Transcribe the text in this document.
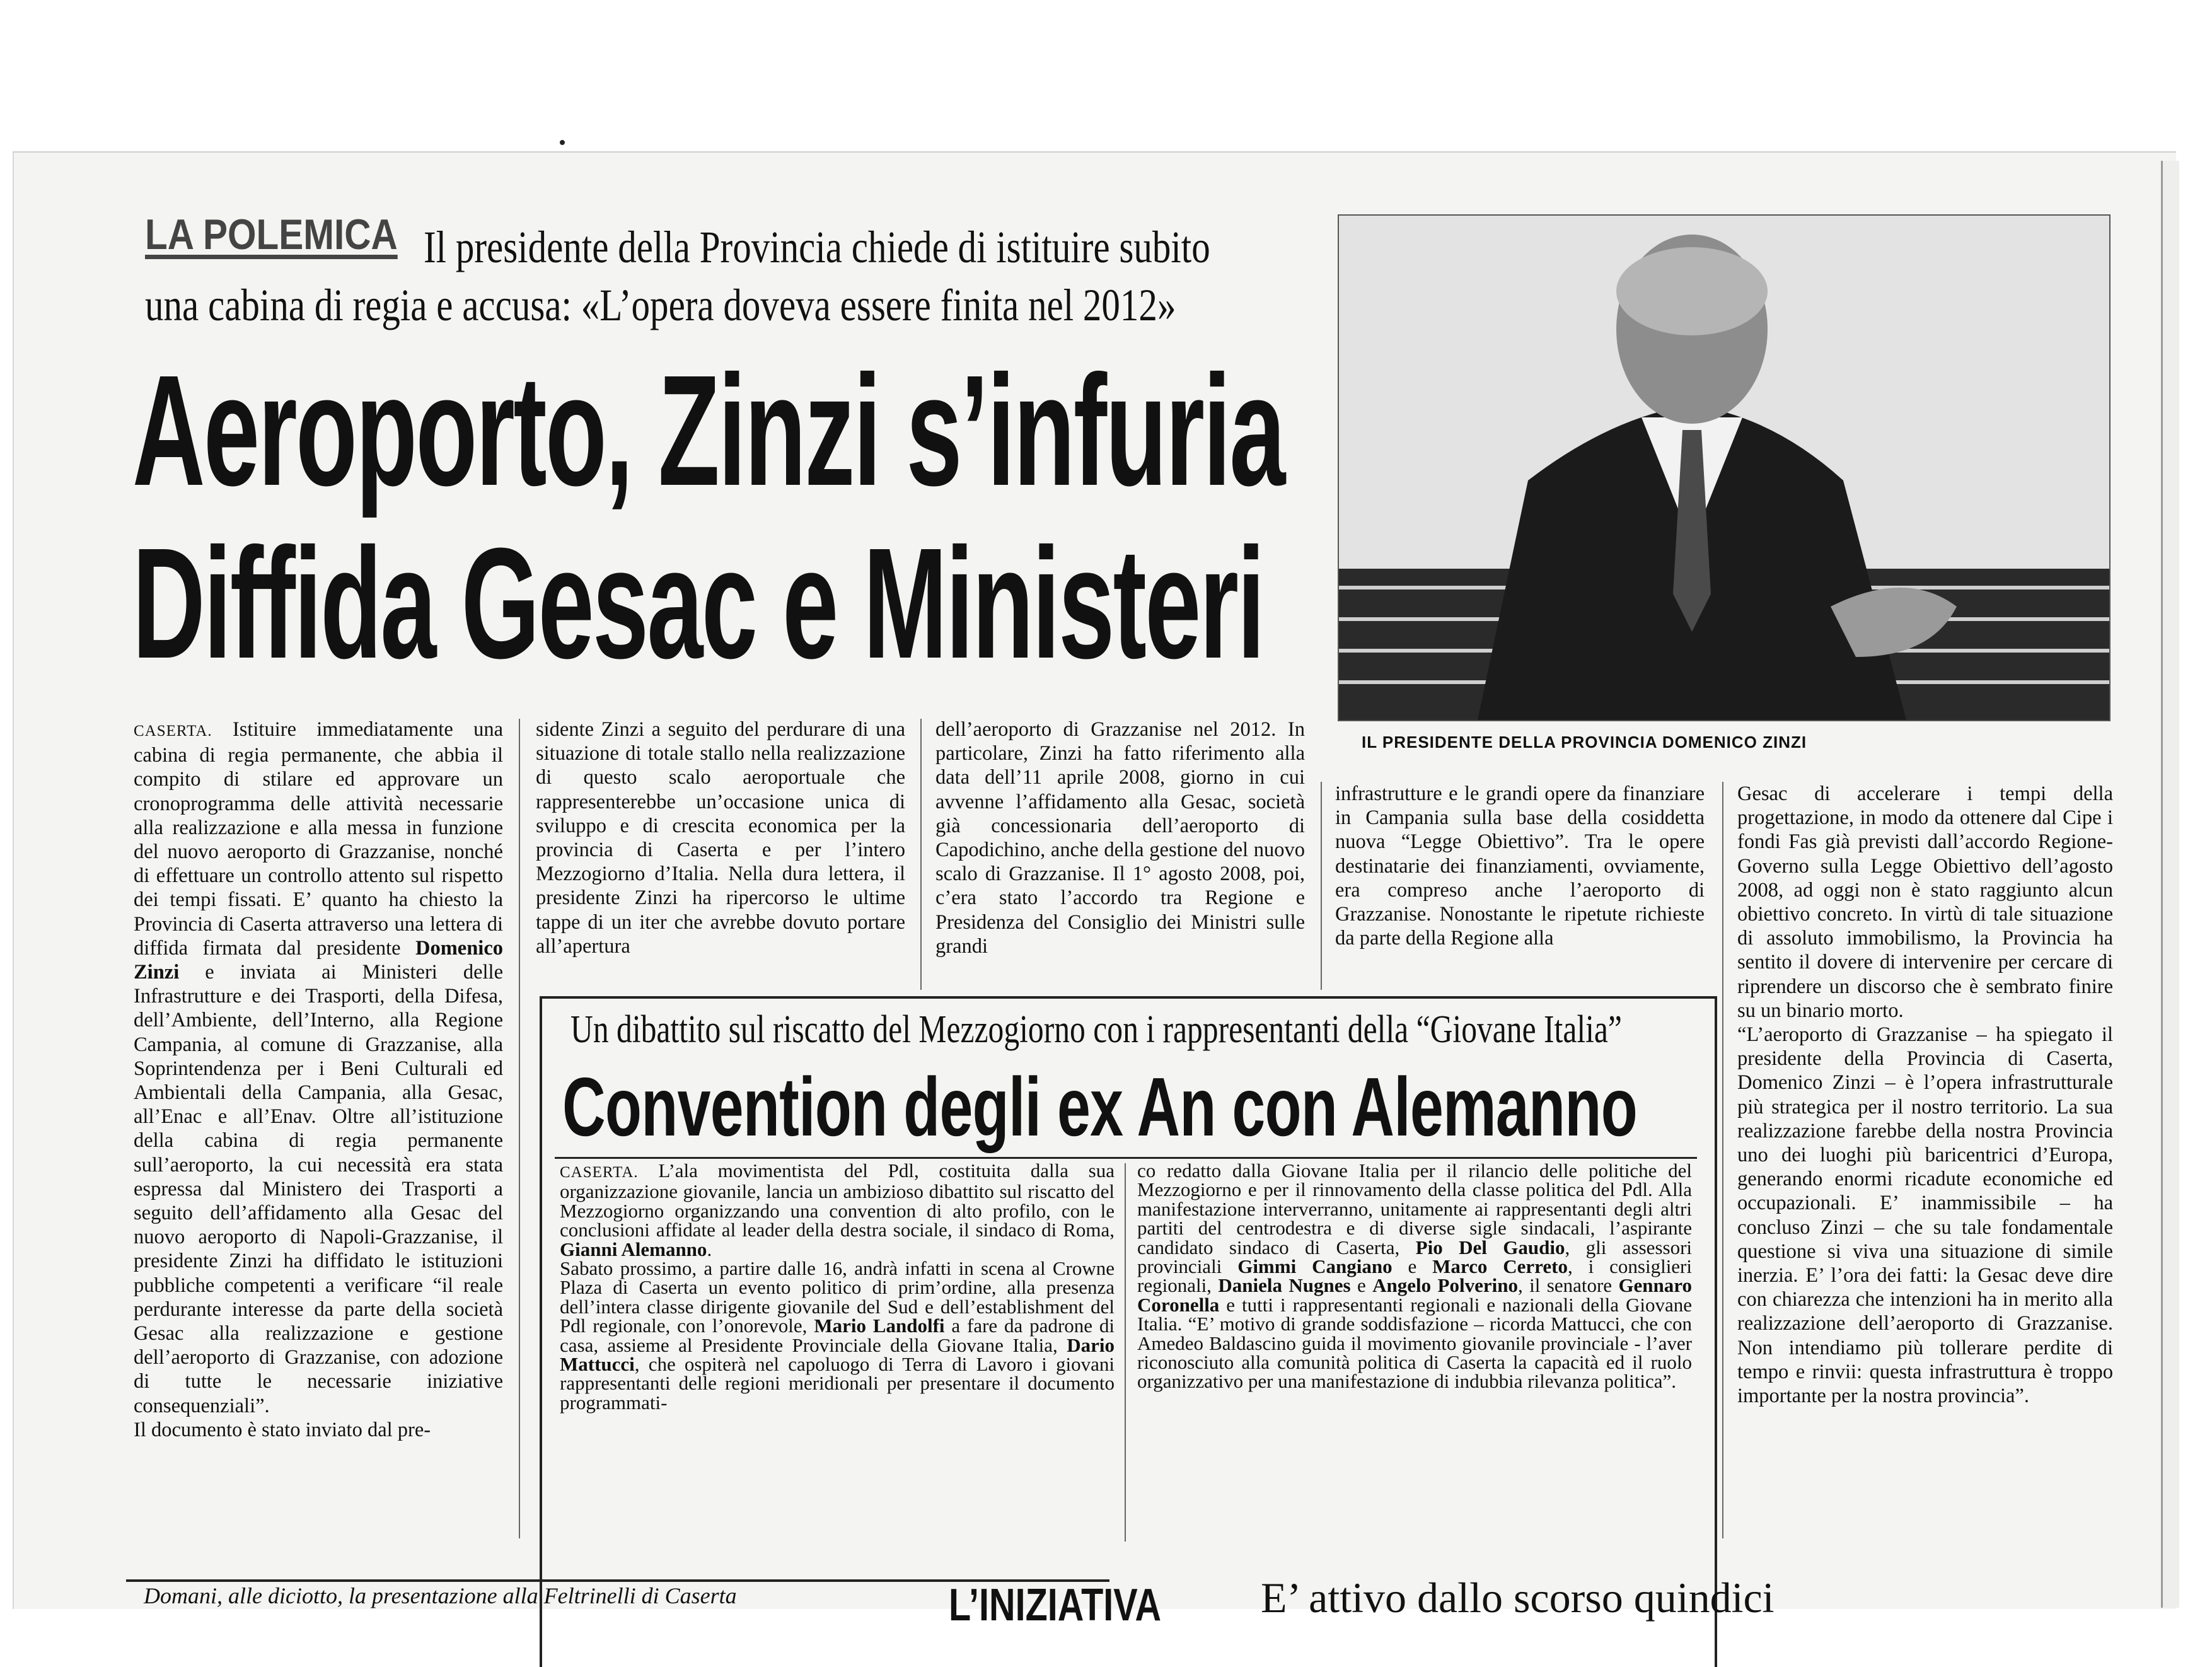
LA POLEMICA Il presidente della Provincia chiede di istituire subito
una cabina di regia e accusa: «L’opera doveva essere finita nel 2012»
Aeroporto, Zinzi s’infuria
Diffida Gesac e Ministeri
IL PRESIDENTE DELLA PROVINCIA DOMENICO ZINZI

CASERTA. Istituire immediatamente una cabina di regia permanente, che abbia il compito di stilare ed approvare un cronoprogramma delle attività necessarie alla realizzazione e alla messa in funzione del nuovo aeroporto di Grazzanise, nonché di effettuare un controllo attento sul rispetto dei tempi fissati. E’ quanto ha chiesto la Provincia di Caserta attraverso una lettera di diffida firmata dal presidente Domenico Zinzi e inviata ai Ministeri delle Infrastrutture e dei Trasporti, della Difesa, dell’Ambiente, dell’Interno, alla Regione Campania, al comune di Grazzanise, alla Soprintendenza per i Beni Culturali ed Ambientali della Campania, alla Gesac, all’Enac e all’Enav. Oltre all’istituzione della cabina di regia permanente sull’aeroporto, la cui necessità era stata espressa dal Ministero dei Trasporti a seguito dell’affidamento alla Gesac del nuovo aeroporto di Napoli-Grazzanise, il presidente Zinzi ha diffidato le istituzioni pubbliche competenti a verificare “il reale perdurante interesse da parte della società Gesac alla realizzazione e gestione dell’aeroporto di Grazzanise, con adozione di tutte le necessarie iniziative consequenziali”.

Il documento è stato inviato dal pre-

sidente Zinzi a seguito del perdurare di una situazione di totale stallo nella realizzazione di questo scalo aeroportuale che rappresenterebbe un’occasione unica di sviluppo e di crescita economica per la provincia di Caserta e per l’intero Mezzogiorno d’Italia. Nella dura lettera, il presidente Zinzi ha ripercorso le ultime tappe di un iter che avrebbe dovuto portare all’apertura

dell’aeroporto di Grazzanise nel 2012. In particolare, Zinzi ha fatto riferimento alla data dell’11 aprile 2008, giorno in cui avvenne l’affidamento alla Gesac, società già concessionaria dell’aeroporto di Capodichino, anche della gestione del nuovo scalo di Grazzanise. Il 1° agosto 2008, poi, c’era stato l’accordo tra Regione e Presidenza del Consiglio dei Ministri sulle grandi

infrastrutture e le grandi opere da finanziare in Campania sulla base della cosiddetta nuova “Legge Obiettivo”. Tra le opere destinatarie dei finanziamenti, ovviamente, era compreso anche l’aeroporto di Grazzanise. Nonostante le ripetute richieste da parte della Regione alla

Gesac di accelerare i tempi della progettazione, in modo da ottenere dal Cipe i fondi Fas già previsti dall’accordo Regione-Governo sulla Legge Obiettivo dell’agosto 2008, ad oggi non è stato raggiunto alcun obiettivo concreto. In virtù di tale situazione di assoluto immobilismo, la Provincia ha sentito il dovere di intervenire per cercare di riprendere un discorso che è sembrato finire su un binario morto.

“L’aeroporto di Grazzanise – ha spiegato il presidente della Provincia di Caserta, Domenico Zinzi – è l’opera infrastrutturale più strategica per il nostro territorio. La sua realizzazione farebbe della nostra Provincia uno dei luoghi più baricentrici d’Europa, generando enormi ricadute economiche ed occupazionali. E’ inammissibile – ha concluso Zinzi – che su tale fondamentale questione si viva una situazione di simile inerzia. E’ l’ora dei fatti: la Gesac deve dire con chiarezza che intenzioni ha in merito alla realizzazione dell’aeroporto di Grazzanise. Non intendiamo più tollerare perdite di tempo e rinvii: questa infrastruttura è troppo importante per la nostra provincia”.

Un dibattito sul riscatto del Mezzogiorno con i rappresentanti della “Giovane Italia”
Convention degli ex An con Alemanno

CASERTA. L’ala movimentista del Pdl, costituita dalla sua organizzazione giovanile, lancia un ambizioso dibattito sul riscatto del Mezzogiorno organizzando una convention di alto profilo, con le conclusioni affidate al leader della destra sociale, il sindaco di Roma, Gianni Alemanno.

Sabato prossimo, a partire dalle 16, andrà infatti in scena al Crowne Plaza di Caserta un evento politico di prim’ordine, alla presenza dell’intera classe dirigente giovanile del Sud e dell’establishment del Pdl regionale, con l’onorevole, Mario Landolfi a fare da padrone di casa, assieme al Presidente Provinciale della Giovane Italia, Dario Mattucci, che ospiterà nel capoluogo di Terra di Lavoro i giovani rappresentanti delle regioni meridionali per presentare il documento programmati-

co redatto dalla Giovane Italia per il rilancio delle politiche del Mezzogiorno e per il rinnovamento della classe politica del Pdl. Alla manifestazione interverranno, unitamente ai rappresentanti degli altri partiti del centrodestra e di diverse sigle sindacali, l’aspirante candidato sindaco di Caserta, Pio Del Gaudio, gli assessori provinciali Gimmi Cangiano e Marco Cerreto, i consiglieri regionali, Daniela Nugnes e Angelo Polverino, il senatore Gennaro Coronella e tutti i rappresentanti regionali e nazionali della Giovane Italia. “E’ motivo di grande soddisfazione – ricorda Mattucci, che con Amedeo Baldascino guida il movimento giovanile provinciale - l’aver riconosciuto alla comunità politica di Caserta la capacità ed il ruolo organizzativo per una manifestazione di indubbia rilevanza politica”.

Domani, alle diciotto, la presentazione alla Feltrinelli di Caserta	L’INIZIATIVA E’ attivo dallo scorso quindici
